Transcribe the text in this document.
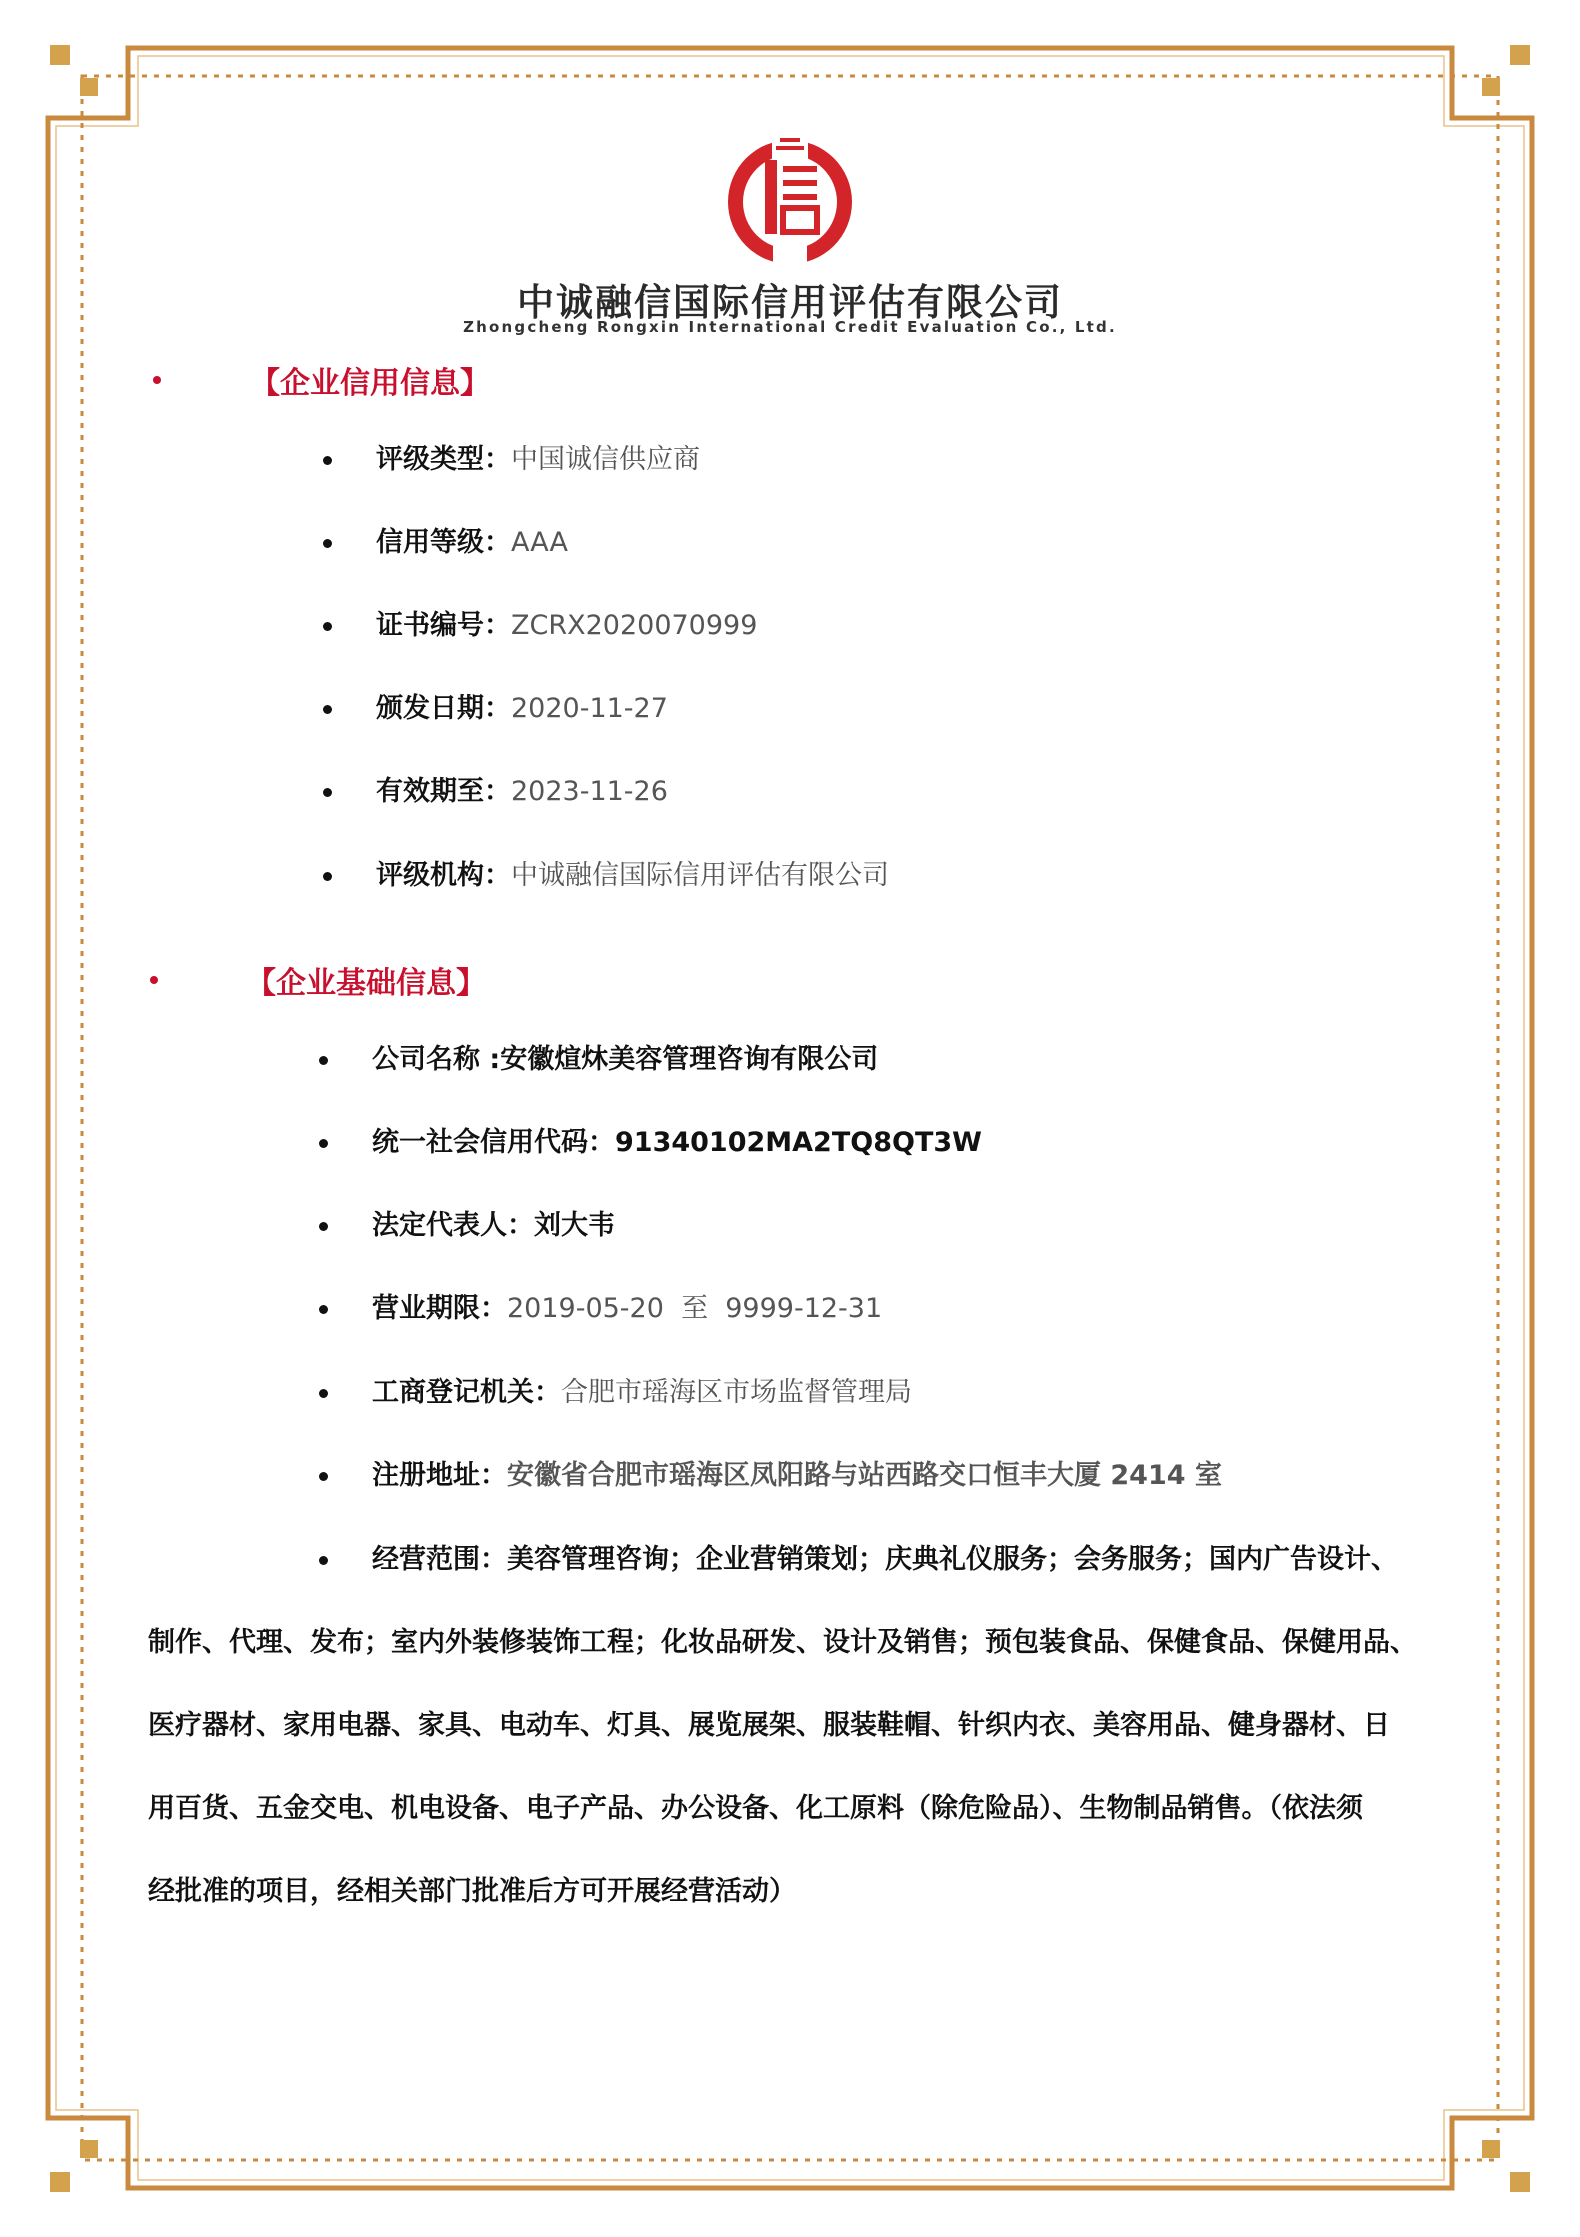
中诚融信国际信用评估有限公司
Zhongcheng Rongxin International Credit Evaluation Co., Ltd.
【企业信用信息】
评级类型：中国诚信供应商
信用等级：AAA
证书编号：ZCRX2020070999
颁发日期：2020-11-27
有效期至：2023-11-26
评级机构：中诚融信国际信用评估有限公司
【企业基础信息】
公司名称 :安徽煊炑美容管理咨询有限公司
统一社会信用代码：91340102MA2TQ8QT3W
法定代表人：刘大韦
营业期限：2019-05-20  至  9999-12-31
工商登记机关：合肥市瑶海区市场监督管理局
注册地址：安徽省合肥市瑶海区凤阳路与站西路交口恒丰大厦 2414 室
经营范围：美容管理咨询；企业营销策划；庆典礼仪服务；会务服务；国内广告设计、
制作、代理、发布；室内外装修装饰工程；化妆品研发、设计及销售；预包装食品、保健食品、保健用品、
医疗器材、家用电器、家具、电动车、灯具、展览展架、服装鞋帽、针织内衣、美容用品、健身器材、日
用百货、五金交电、机电设备、电子产品、办公设备、化工原料（除危险品）、生物制品销售。（依法须
经批准的项目，经相关部门批准后方可开展经营活动）
